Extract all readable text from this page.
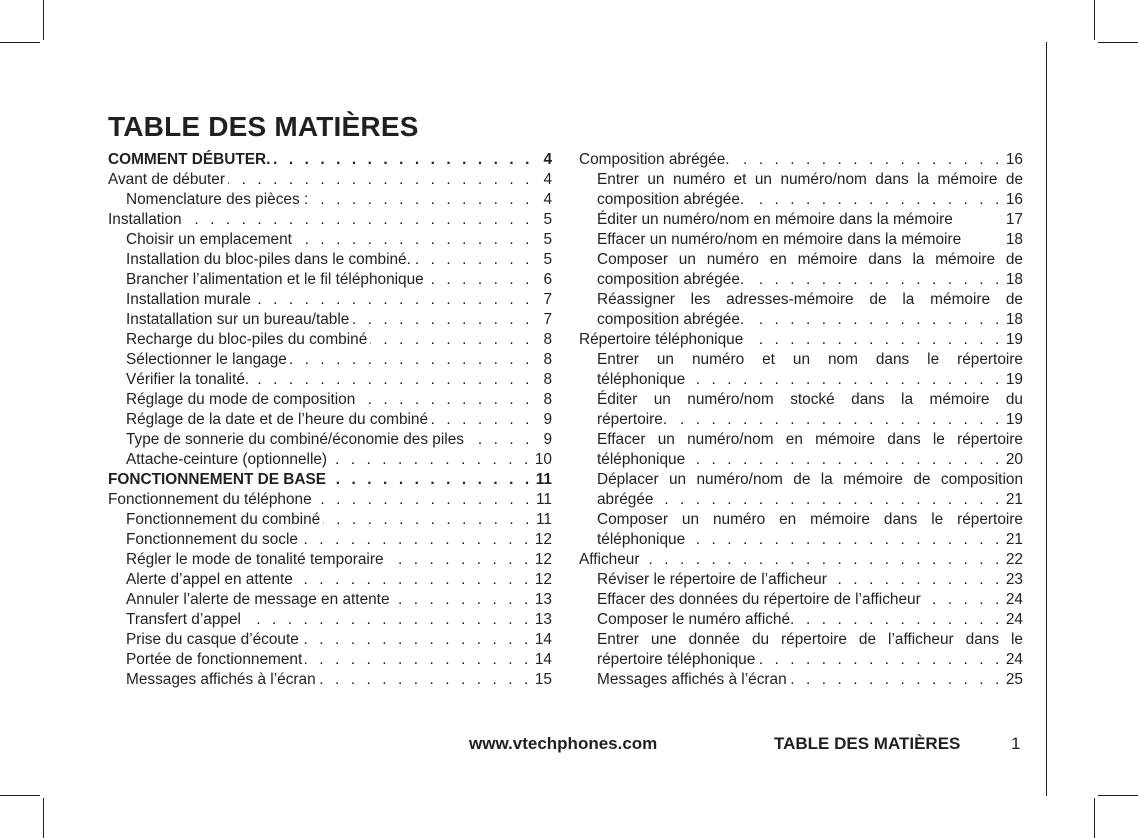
TABLE DES MATIÈRES
COMMENT DÉBUTER. . . .	4
Avant de débuter . . .	4
Nomenclature des pièces : . . .	4
Installation . . .	5
Choisir un emplacement . . .	5
Installation du bloc-piles dans le combiné. . . .	5
Brancher l’alimentation et le fil téléphonique . . .	6
Installation murale . . .	7
Instatallation sur un bureau/table . . .	7
Recharge du bloc-piles du combiné . . .	8
Sélectionner le langage . . .	8
Vérifier la tonalité. . . .	8
Réglage du mode de composition . . .	8
Réglage de la date et de l’heure du combiné . . .	9
Type de sonnerie du combiné/économie des piles . . .	9
Attache-ceinture (optionnelle) . . .	10
FONCTIONNEMENT DE BASE . . .	11
Fonctionnement du téléphone . . .	11
Fonctionnement du combiné . . .	11
Fonctionnement du socle . . .	12
Régler le mode de tonalité temporaire . . .	12
Alerte d’appel en attente . . .	12
Annuler l’alerte de message en attente . . .	13
Transfert d’appel . . .	13
Prise du casque d’écoute . . .	14
Portée de fonctionnement . . .	14
Messages affichés à l’écran . . .	15
Composition abrégée. . . .	16
Entrer un numéro et un numéro/nom dans la mémoire de
composition abrégée. . . .	16
Éditer un numéro/nom en mémoire dans la mémoire	17
Effacer un numéro/nom en mémoire dans la mémoire	18
Composer un numéro en mémoire dans la mémoire de
composition abrégée. . . .	18
Réassigner les adresses-mémoire de la mémoire de
composition abrégée. . . .	18
Répertoire téléphonique . . .	19
Entrer un numéro et un nom dans le répertoire
téléphonique . . .	19
Éditer un numéro/nom stocké dans la mémoire du
répertoire. . . .	19
Effacer un numéro/nom en mémoire dans le répertoire
téléphonique . . .	20
Déplacer un numéro/nom de la mémoire de composition
abrégée . . .	21
Composer un numéro en mémoire dans le répertoire
téléphonique . . .	21
Afficheur . . .	22
Réviser le répertoire de l’afficheur . . .	23
Effacer des données du répertoire de l’afficheur . . .	24
Composer le numéro affiché. . . .	24
Entrer une donnée du répertoire de l’afficheur dans le
répertoire téléphonique . . .	24
Messages affichés à l’écran . . .	25
www.vtechphones.com	TABLE DES MATIÈRES	1
